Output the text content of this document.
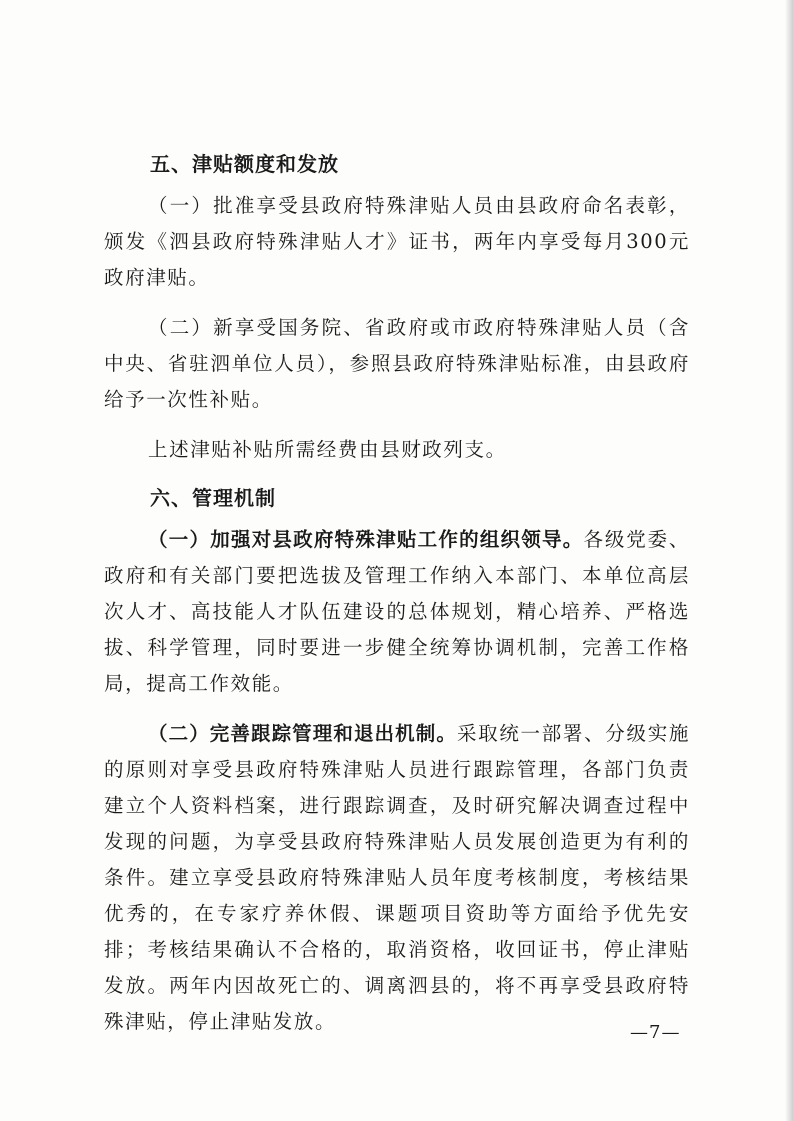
五、津贴额度和发放

（一）批准享受县政府特殊津贴人员由县政府命名表彰，颁发《泗县政府特殊津贴人才》证书，两年内享受每月300元政府津贴。

（二）新享受国务院、省政府或市政府特殊津贴人员（含中央、省驻泗单位人员），参照县政府特殊津贴标准，由县政府给予一次性补贴。

上述津贴补贴所需经费由县财政列支。

六、管理机制

（一）加强对县政府特殊津贴工作的组织领导。各级党委、政府和有关部门要把选拔及管理工作纳入本部门、本单位高层次人才、高技能人才队伍建设的总体规划，精心培养、严格选拔、科学管理，同时要进一步健全统筹协调机制，完善工作格局，提高工作效能。

（二）完善跟踪管理和退出机制。采取统一部署、分级实施的原则对享受县政府特殊津贴人员进行跟踪管理，各部门负责建立个人资料档案，进行跟踪调查，及时研究解决调查过程中发现的问题，为享受县政府特殊津贴人员发展创造更为有利的条件。建立享受县政府特殊津贴人员年度考核制度，考核结果优秀的，在专家疗养休假、课题项目资助等方面给予优先安排；考核结果确认不合格的，取消资格，收回证书，停止津贴发放。两年内因故死亡的、调离泗县的，将不再享受县政府特殊津贴，停止津贴发放。	—7—
